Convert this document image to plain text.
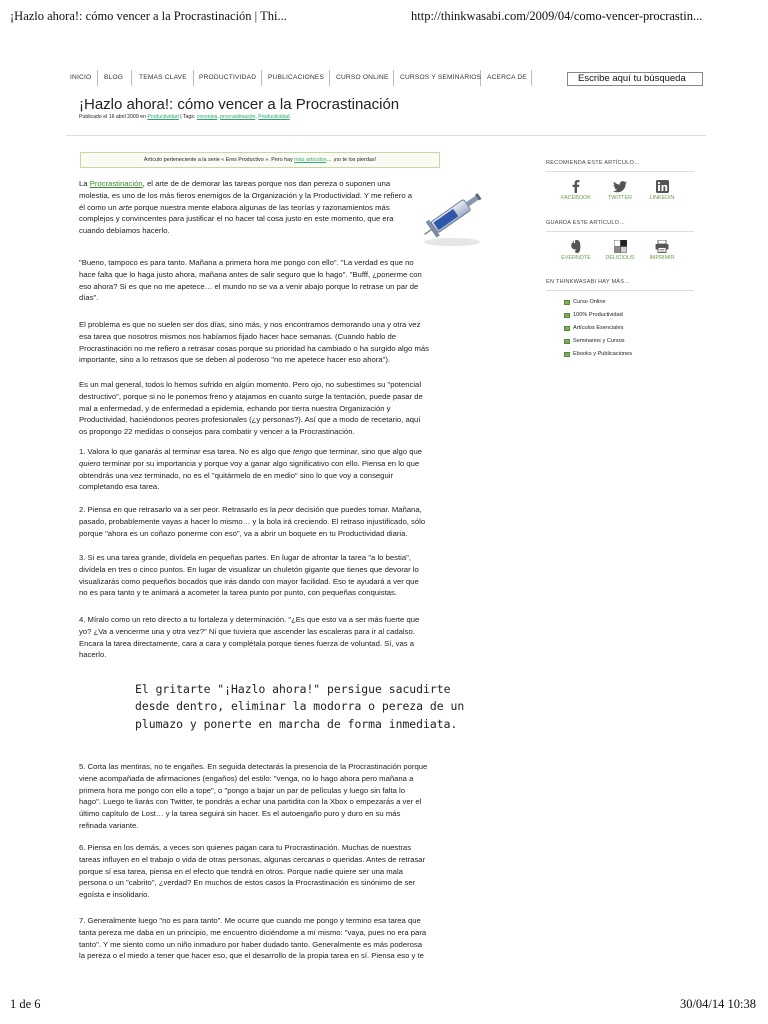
¡Hazlo ahora!: cómo vencer a la Procrastinación | Thi...	http://thinkwasabi.com/2009/04/como-vencer-procrastin...
INICIO	BLOG	TEMAS CLAVE	PRODUCTIVIDAD	PUBLICACIONES	CURSO ONLINE	CURSOS Y SEMINARIOS ACERCA DE	Escribe aquí tu búsqueda
¡Hazlo ahora!: cómo vencer a la Procrastinación
Publicado el 16 abril 2009 en Productividad | Tags: consejos, procrastinación, Productividad
Artículo perteneciente a la serie « Eres Productivo ». Pero hay más artículos… ¡no te los pierdas!

La Procrastinación, el arte de de demorar las tareas porque nos dan pereza o suponen una molestia, es uno de los más fieros enemigos de la Organización y la Productividad. Y me refiero a él como un arte porque nuestra mente elabora algunas de las teorías y razonamientos más complejos y convincentes para justificar el no hacer tal cosa justo en este momento, que era cuando debíamos hacerlo.

"Bueno, tampoco es para tanto. Mañana a primera hora me pongo con ello". "La verdad es que no hace falta que lo haga justo ahora, mañana antes de salir seguro que lo hago". "Bufff, ¿ponerme con eso ahora? Si es que no me apetece… el mundo no se va a venir abajo porque lo retrase un par de días".

El problema es que no suelen ser dos días, sino más, y nos encontramos demorando una y otra vez esa tarea que nosotros mismos nos habíamos fijado hacer hace semanas. (Cuando hablo de Procrastinación no me refiero a retrasar cosas porque su prioridad ha cambiado o ha surgido algo más importante, sino a lo retrasos que se deben al poderoso "no me apetece hacer eso ahora").

Es un mal general, todos lo hemos sufrido en algún momento. Pero ojo, no subestimes su "potencial destructivo", porque si no le ponemos freno y atajamos en cuanto surge la tentación, puede pasar de mal a enfermedad, y de enfermedad a epidemia, echando por tierra nuestra Organización y Productividad, haciéndonos peores profesionales (¿y personas?). Así que a modo de recetario, aquí os propongo 22 medidas o consejos para combatir y vencer a la Procrastinación.

1. Valora lo que ganarás al terminar esa tarea. No es algo que tengo que terminar, sino que algo que quiero terminar por su importancia y porque voy a ganar algo significativo con ello. Piensa en lo que obtendrás una vez terminado, no es el "quitármelo de en medio" sino lo que voy a conseguir completando esa tarea.

2. Piensa en que retrasarlo va a ser peor. Retrasarlo es la peor decisión que puedes tomar. Mañana, pasado, probablemente vayas a hacer lo mismo… y la bola irá creciendo. El retraso injustificado, sólo porque "ahora es un coñazo ponerme con eso", va a abrir un boquete en tu Productividad diaria.

3. Si es una tarea grande, divídela en pequeñas partes. En lugar de afrontar la tarea "a lo bestia", divídela en tres o cinco puntos. En lugar de visualizar un chuletón gigante que tienes que devorar lo visualizarás como pequeños bocados que irás dando con mayor facilidad. Eso te ayudará a ver que no es para tanto y te animará a acometer la tarea punto por punto, con pequeñas conquistas.

4. Míralo como un reto directo a tu fortaleza y determinación. "¿Es que esto va a ser más fuerte que yo? ¿Va a vencerme una y otra vez?" Ni que tuviera que ascender las escaleras para ir al cadalso. Encara la tarea directamente, cara a cara y complétala porque tienes fuerza de voluntad. Sí, vas a hacerlo.

5. Corta las mentiras, no te engañes. En seguida detectarás la presencia de la Procrastinación porque viene acompañada de afirmaciones (engaños) del estilo: "venga, no lo hago ahora pero mañana a primera hora me pongo con ello a tope", o "pongo a bajar un par de películas y luego sin falta lo hago". Luego te liarás con Twitter, te pondrás a echar una partidita con la Xbox o empezarás a ver el último capítulo de Lost… y la tarea seguirá sin hacer. Es el autoengaño puro y duro en su más refinada variante.

6. Piensa en los demás, a veces son quienes pagan cara tu Procrastinación. Muchas de nuestras tareas influyen en el trabajo o vida de otras personas, algunas cercanas o queridas. Antes de retrasar porque sí esa tarea, piensa en el efecto que tendrá en otros. Porque nadie quiere ser una mala persona o un "cabrito", ¿verdad? En muchos de estos casos la Procrastinación es sinónimo de ser egoísta e insolidario.

7. Generalmente luego "no es para tanto". Me ocurre que cuando me pongo y termino esa tarea que tanta pereza me daba en un principio, me encuentro diciéndome a mí mismo: "vaya, pues no era para tanto". Y me siento como un niño inmaduro por haber dudado tanto. Generalmente es más poderosa la pereza o el miedo a tener que hacer eso, que el desarrollo de la propia tarea en sí. Piensa eso y te

El gritarte "¡Hazlo ahora!" persigue sacudirte desde dentro, eliminar la modorra o pereza de un plumazo y ponerte en marcha de forma inmediata.
RECOMIENDA ESTE ARTÍCULO…
FACEBOOK	TWITTER	LINKEDIN
GUARDA ESTE ARTÍCULO…
EVERNOTE	DELICIOUS	IMPRIMIR
EN THINKWASABI HAY MÁS…
Curso Online
100% Productividad
Artículos Esenciales
Seminarios y Cursos
Ebooks y Publicaciones
1 de 6	30/04/14 10:38
